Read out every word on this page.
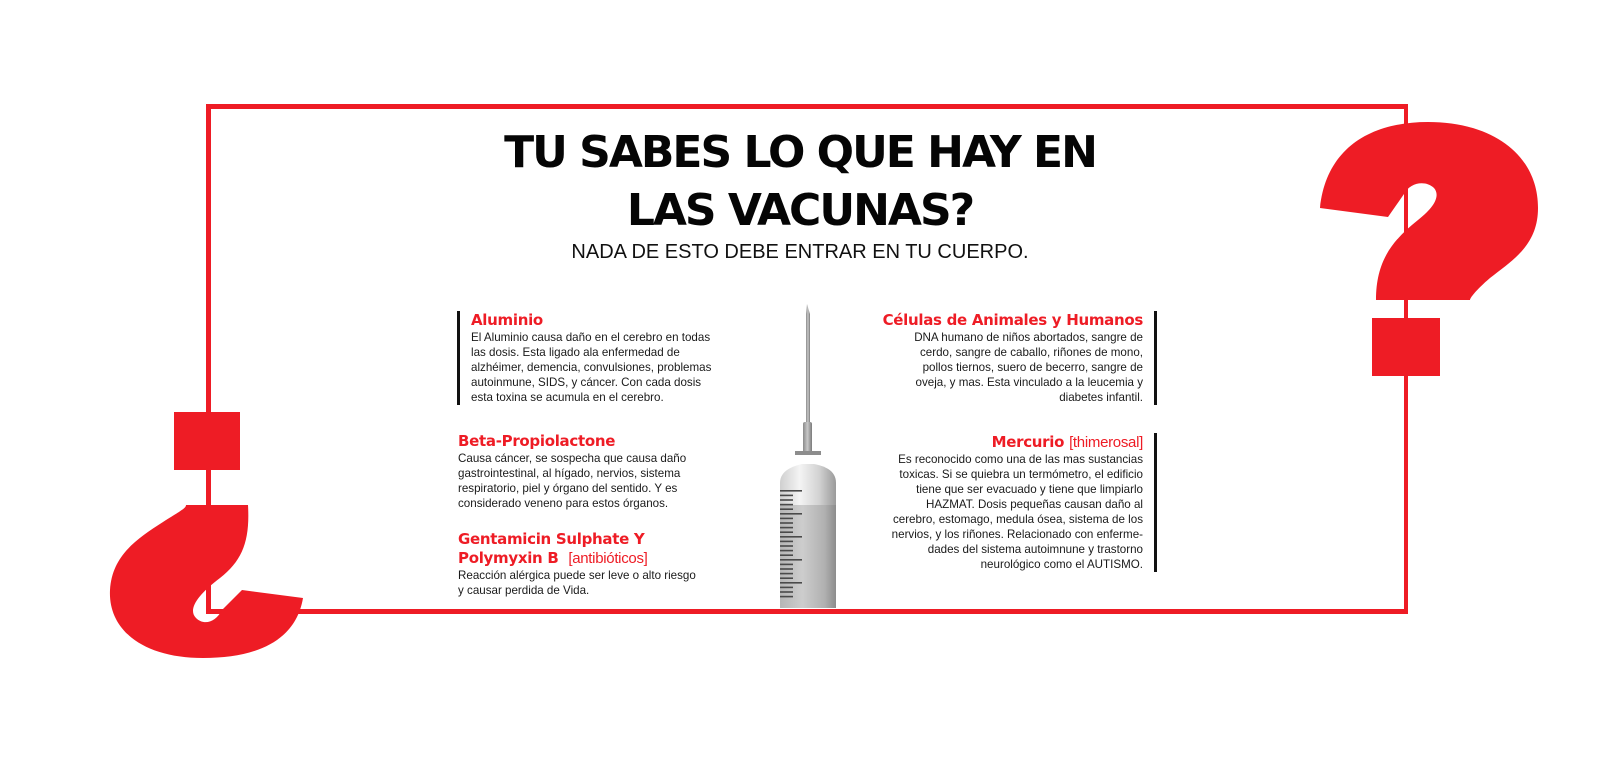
TU SABES LO QUE HAY EN
LAS VACUNAS?
NADA DE ESTO DEBE ENTRAR EN TU CUERPO.
Aluminio
El Aluminio causa daño en el cerebro en todas
las dosis. Esta ligado ala enfermedad de
alzhéimer, demencia, convulsiones, problemas
autoinmune, SIDS, y cáncer. Con cada dosis
esta toxina se acumula en el cerebro.
Beta-Propiolactone
Causa cáncer, se sospecha que causa daño
gastrointestinal, al hígado, nervios, sistema
respiratorio, piel y órgano del sentido. Y es
considerado veneno para estos órganos.
Gentamicin Sulphate Y
Polymyxin B [antibióticos]
Reacción alérgica puede ser leve o alto riesgo
y causar perdida de Vida.
Células de Animales y Humanos
DNA humano de niños abortados, sangre de
cerdo, sangre de caballo, riñones de mono,
pollos tiernos, suero de becerro, sangre de
oveja, y mas. Esta vinculado a la leucemia y
diabetes infantil.
Mercurio [thimerosal]
Es reconocido como una de las mas sustancias
toxicas. Si se quiebra un termómetro, el edificio
tiene que ser evacuado y tiene que limpiarlo
HAZMAT. Dosis pequeñas causan daño al
cerebro, estomago, medula ósea, sistema de los
nervios, y los riñones. Relacionado con enferme-
dades del sistema autoimnune y trastorno
neurológico como el AUTISMO.
